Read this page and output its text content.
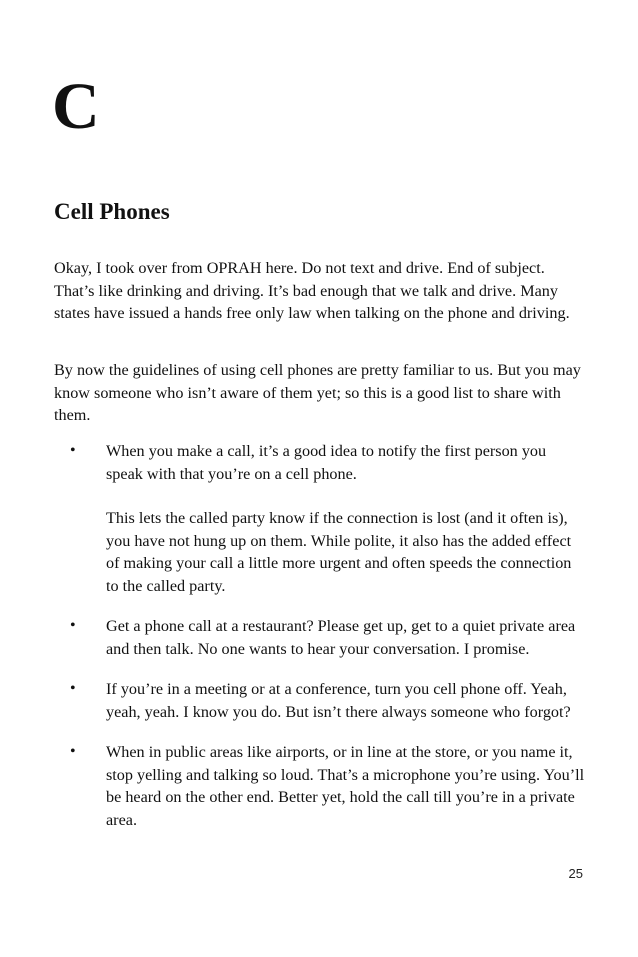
C
Cell Phones

Okay, I took over from OPRAH here. Do not text and drive. End of subject. That’s like drinking and driving. It’s bad enough that we talk and drive. Many states have issued a hands free only law when talking on the phone and driving.

By now the guidelines of using cell phones are pretty familiar to us. But you may know someone who isn’t aware of them yet; so this is a good list to share with them.

• When you make a call, it’s a good idea to notify the first person you speak with that you’re on a cell phone.

This lets the called party know if the connection is lost (and it often is), you have not hung up on them. While polite, it also has the added effect of making your call a little more urgent and often speeds the connection to the called party.

• Get a phone call at a restaurant? Please get up, get to a quiet private area and then talk. No one wants to hear your conversation. I promise.

• If you’re in a meeting or at a conference, turn you cell phone off. Yeah, yeah, yeah. I know you do. But isn’t there always someone who forgot?

• When in public areas like airports, or in line at the store, or you name it, stop yelling and talking so loud. That’s a microphone you’re using. You’ll be heard on the other end. Better yet, hold the call till you’re in a private area.

25
